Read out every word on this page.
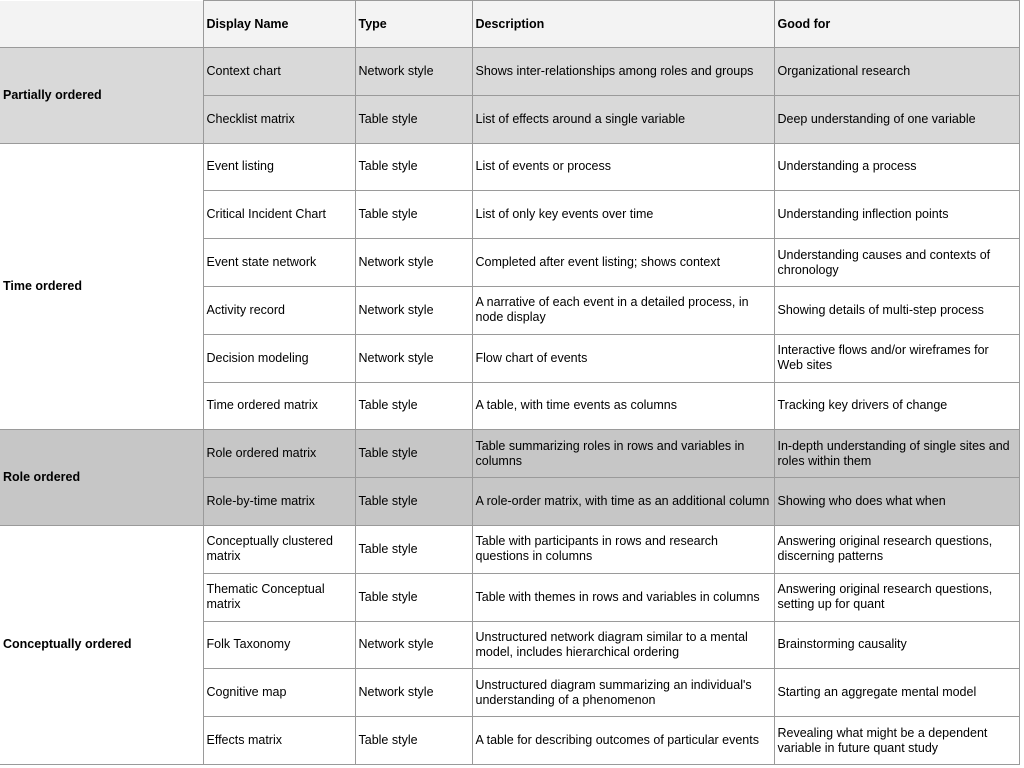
	Display Name	Type	Description	Good for
Partially ordered	Context chart	Network style	Shows inter-relationships among roles and groups	Organizational research
	Checklist matrix	Table style	List of effects around a single variable	Deep understanding of one variable
Time ordered	Event listing	Table style	List of events or process	Understanding a process
	Critical Incident Chart	Table style	List of only key events over time	Understanding inflection points
	Event state network	Network style	Completed after event listing; shows context	Understanding causes and contexts of chronology
	Activity record	Network style	A narrative of each event in a detailed process, in node display	Showing details of multi-step process
	Decision modeling	Network style	Flow chart of events	Interactive flows and/or wireframes for Web sites
	Time ordered matrix	Table style	A table, with time events as columns	Tracking key drivers of change
Role ordered	Role ordered matrix	Table style	Table summarizing roles in rows and variables in columns	In-depth understanding of single sites and roles within them
	Role-by-time matrix	Table style	A role-order matrix, with time as an additional column	Showing who does what when
Conceptually ordered	Conceptually clustered matrix	Table style	Table with participants in rows and research questions in columns	Answering original research questions, discerning patterns
	Thematic Conceptual matrix	Table style	Table with themes in rows and variables in columns	Answering original research questions, setting up for quant
	Folk Taxonomy	Network style	Unstructured network diagram similar to a mental model, includes hierarchical ordering	Brainstorming causality
	Cognitive map	Network style	Unstructured diagram summarizing an individual's understanding of a phenomenon	Starting an aggregate mental model
	Effects matrix	Table style	A table for describing outcomes of particular events	Revealing what might be a dependent variable in future quant study
